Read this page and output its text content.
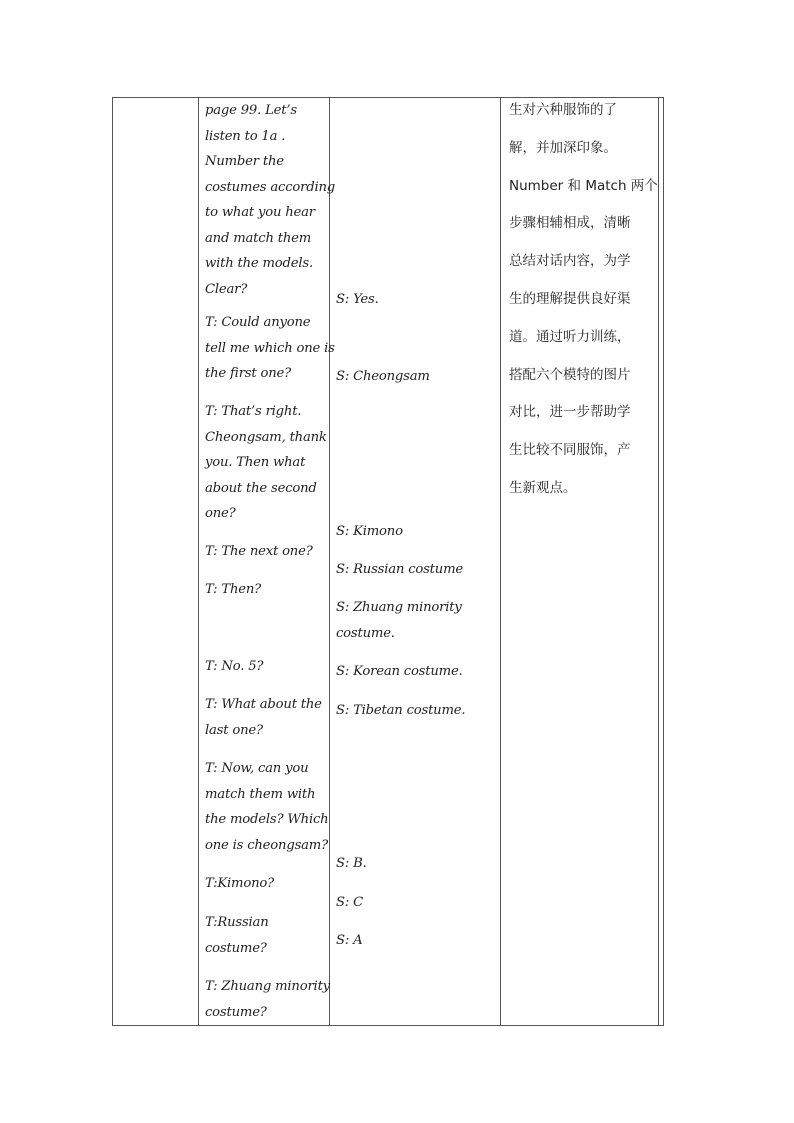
page 99. Let’s
listen to 1a .
Number the
costumes according
to what you hear
and match them
with the models.
Clear?
T: Could anyone
tell me which one is
the first one?
T: That’s right.
Cheongsam, thank
you. Then what
about the second
one?
T: The next one?
T: Then?
T: No. 5?
T: What about the
last one?
T: Now, can you
match them with
the models? Which
one is cheongsam?
T:Kimono?
T:Russian
costume?
T: Zhuang minority
costume?
S: Yes.
S: Cheongsam
S: Kimono
S: Russian costume
S: Zhuang minority
costume.
S: Korean costume.
S: Tibetan costume.
S: B.
S: C
S: A
生对六种服饰的了
解，并加深印象。
Number 和 Match 两个
步骤相辅相成，清晰
总结对话内容，为学
生的理解提供良好渠
道。通过听力训练，
搭配六个模特的图片
对比，进一步帮助学
生比较不同服饰，产
生新观点。
